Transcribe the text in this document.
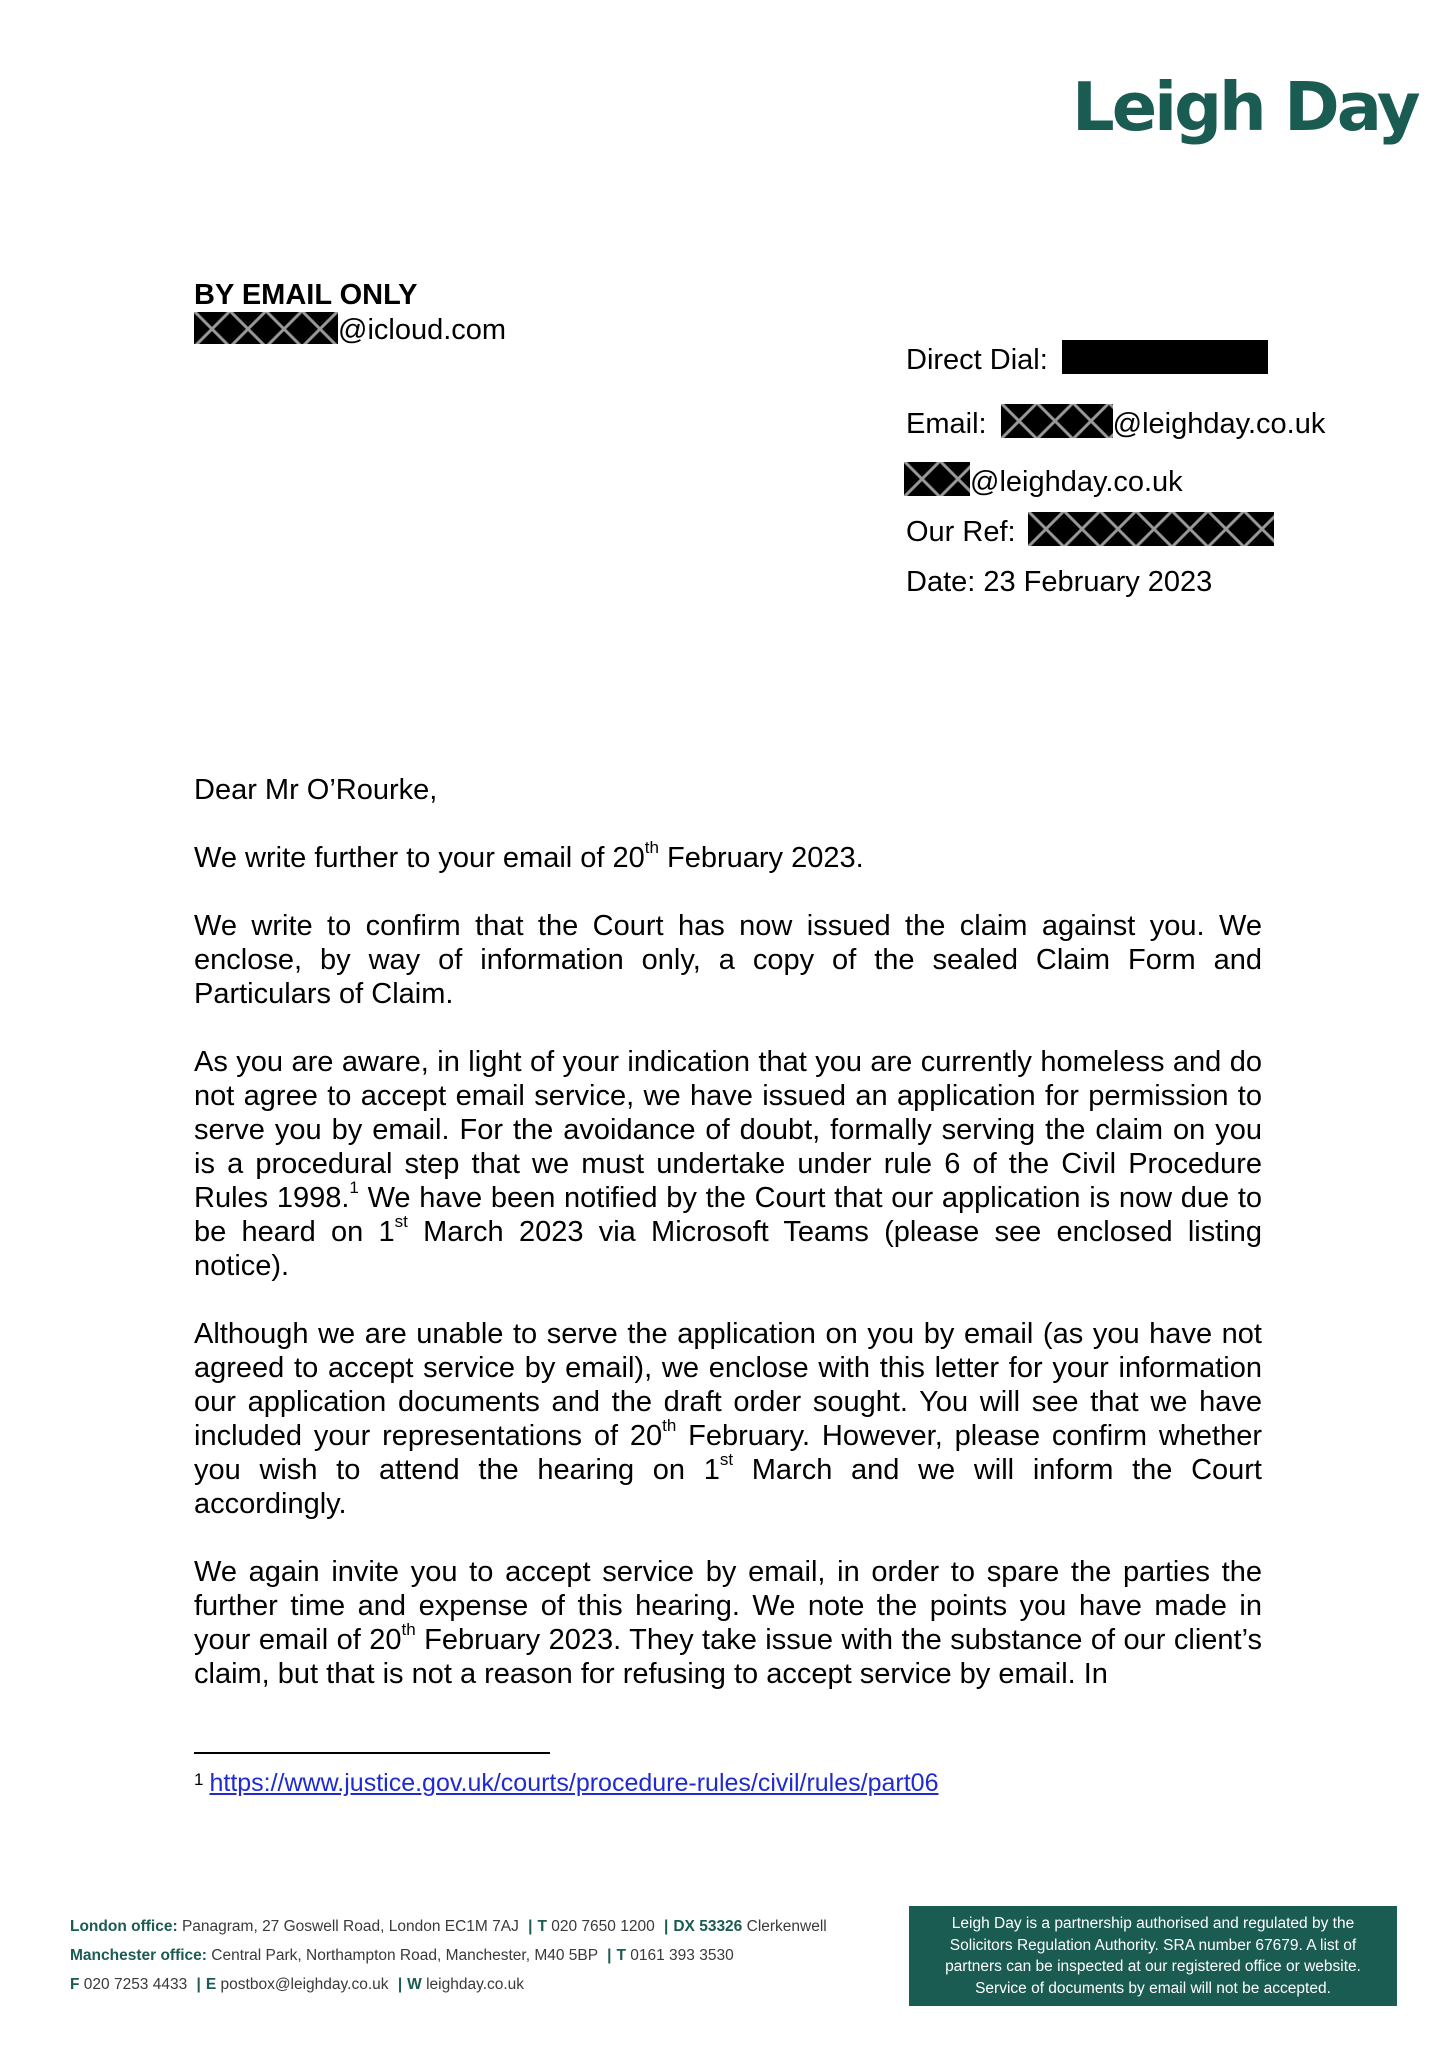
Leigh Day
BY EMAIL ONLY
@icloud.com
Direct Dial:
Email:	@leighday.co.uk
@leighday.co.uk
Our Ref:
Date: 23 February 2023

Dear Mr O’Rourke,

We write further to your email of 20th February 2023.

We write to confirm that the Court has now issued the claim against you. We enclose, by way of information only, a copy of the sealed Claim Form and Particulars of Claim.

As you are aware, in light of your indication that you are currently homeless and do not agree to accept email service, we have issued an application for permission to serve you by email. For the avoidance of doubt, formally serving the claim on you is a procedural step that we must undertake under rule 6 of the Civil Procedure Rules 1998.$^1$ We have been notified by the Court that our application is now due to be heard on 1st March 2023 via Microsoft Teams (please see enclosed listing notice).

Although we are unable to serve the application on you by email (as you have not agreed to accept service by email), we enclose with this letter for your information our application documents and the draft order sought. You will see that we have included your representations of 20th February. However, please confirm whether you wish to attend the hearing on 1st March and we will inform the Court accordingly.

We again invite you to accept service by email, in order to spare the parties the further time and expense of this hearing. We note the points you have made in your email of 20th February 2023. They take issue with the substance of our client’s claim, but that is not a reason for refusing to accept service by email. In

$^1$ https://www.justice.gov.uk/courts/procedure-rules/civil/rules/part06
London office: Panagram, 27 Goswell Road, London EC1M 7AJ | T 020 7650 1200 | DX 53326 Clerkenwell
Manchester office: Central Park, Northampton Road, Manchester, M40 5BP | T 0161 393 3530
F 020 7253 4433 | E postbox@leighday.co.uk | W leighday.co.uk
Leigh Day is a partnership authorised and regulated by the
Solicitors Regulation Authority. SRA number 67679. A list of
partners can be inspected at our registered office or website.
Service of documents by email will not be accepted.
